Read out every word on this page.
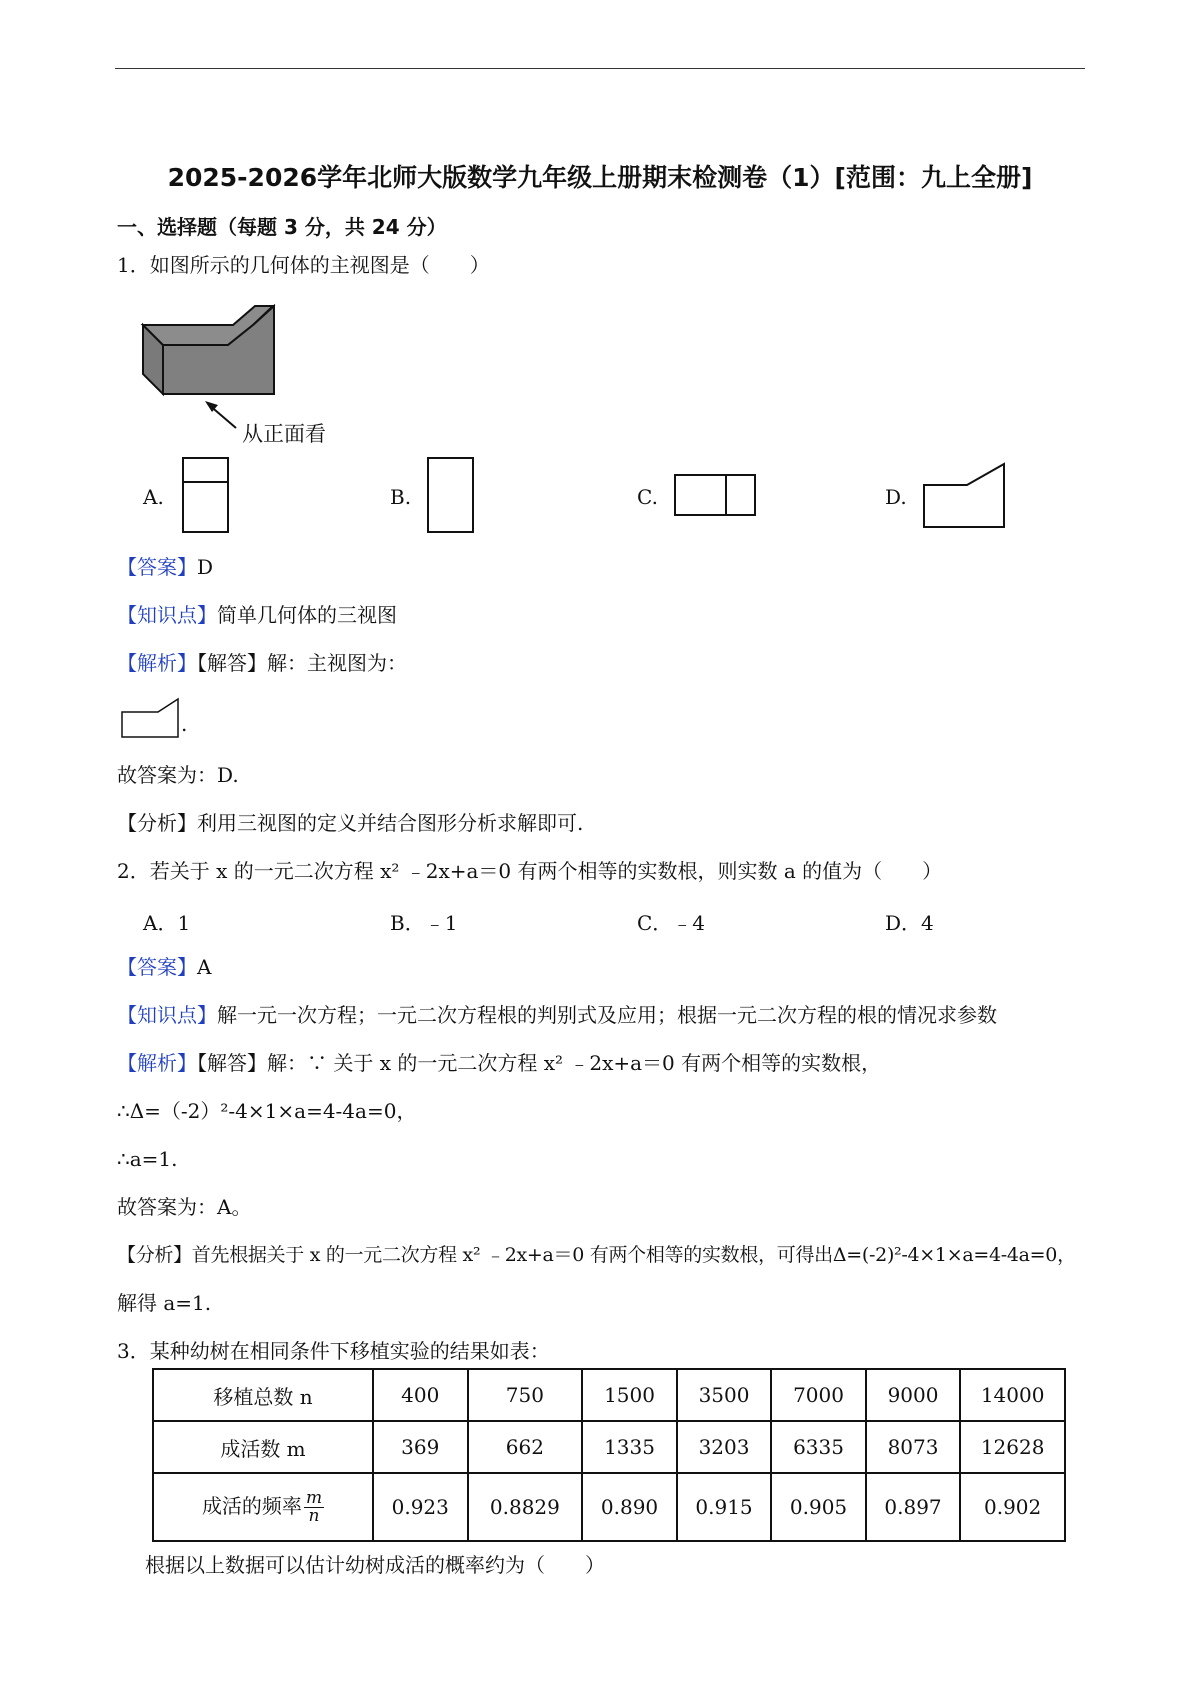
2025-2026学年北师大版数学九年级上册期末检测卷（1）[范围：九上全册]
一、选择题（每题 3 分，共 24 分）
1．如图所示的几何体的主视图是（　　）
从正面看
A.	B.	C.	D.
【答案】D
【知识点】简单几何体的三视图
【解析】【解答】解：主视图为：
.
故答案为：D.
【分析】利用三视图的定义并结合图形分析求解即可.
2．若关于 x 的一元二次方程 x² ﹣2x+a＝0 有两个相等的实数根，则实数 a 的值为（　　）
A．1	B．﹣1	C．﹣4	D．4
【答案】A
【知识点】解一元一次方程；一元二次方程根的判别式及应用；根据一元二次方程的根的情况求参数
【解析】【解答】解：∵ 关于 x 的一元二次方程 x² ﹣2x+a＝0 有两个相等的实数根，
∴Δ=（-2）²-4×1×a=4-4a=0，
∴a=1.
故答案为：A。
【分析】首先根据关于 x 的一元二次方程 x² ﹣2x+a＝0 有两个相等的实数根，可得出Δ=(-2)²-4×1×a=4-4a=0，
解得 a=1.
3．某种幼树在相同条件下移植实验的结果如表：
移植总数 n	400	750	1500	3500	7000	9000	14000
成活数 m	369	662	1335	3203	6335	8073	12628
成活的频率 $\frac{m}{n}$	0.923	0.8829	0.890	0.915	0.905	0.897	0.902
根据以上数据可以估计幼树成活的概率约为（　　）
